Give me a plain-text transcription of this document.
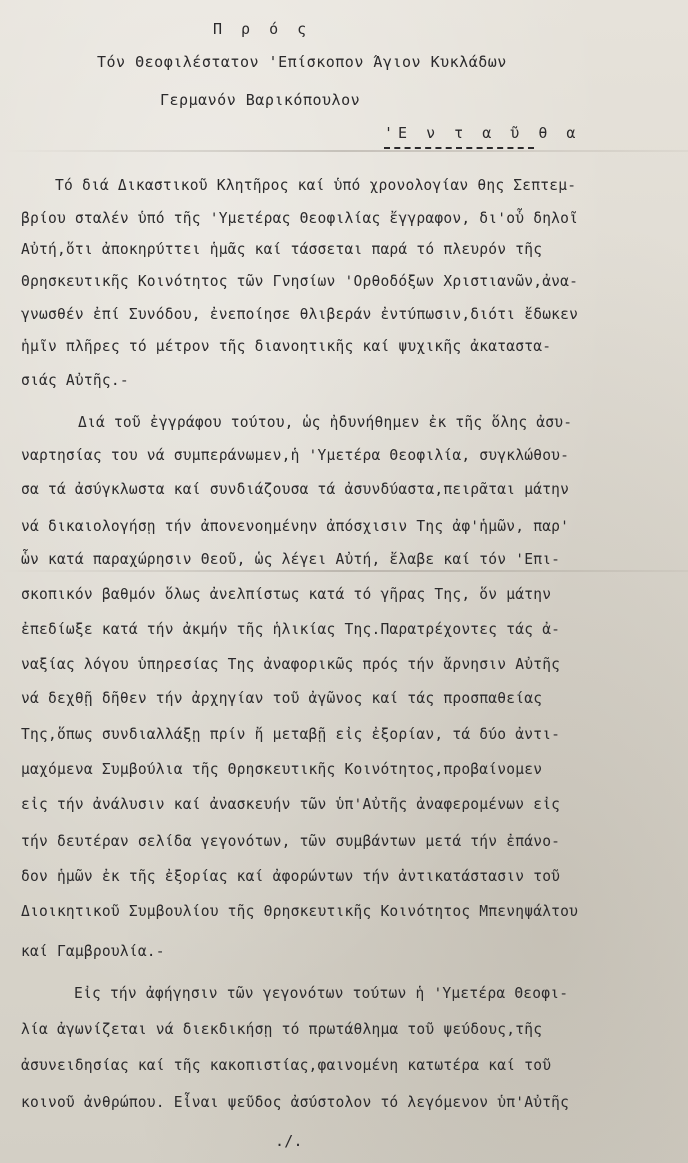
Π ρ ό ς
Τόν Θεοφιλέστατον 'Επίσκοπον Άγιον Κυκλάδων
Γερμανόν Βαρικόπουλον
'Ε ν τ α ῦ θ α
Τό διά Δικαστικοῦ Κλητῆρος καί ὑπό χρονολογίαν θης Σεπτεμ-
βρίου σταλέν ὑπό τῆς 'Υμετέρας Θεοφιλίας ἔγγραφον, δι'οὗ δηλοῖ
Αὐτή,ὅτι ἀποκηρύττει ἡμᾶς καί τάσσεται παρά τό πλευρόν τῆς
Θρησκευτικῆς Κοινότητος τῶν Γνησίων 'Ορθοδόξων Χριστιανῶν,ἀνα-
γνωσθέν ἐπί Συνόδου, ἐνεποίησε θλιβεράν ἐντύπωσιν,διότι ἔδωκεν
ἡμῖν πλῆρες τό μέτρον τῆς διανοητικῆς καί ψυχικῆς ἀκαταστα-
σιάς Αὐτῆς.-
Διά τοῦ ἐγγράφου τούτου, ὡς ἠδυνήθημεν ἐκ τῆς ὅλης ἀσυ-
ναρτησίας του νά συμπεράνωμεν,ἡ 'Υμετέρα Θεοφιλία, συγκλώθου-
σα τά ἀσύγκλωστα καί συνδιάζουσα τά ἀσυνδύαστα,πειρᾶται μάτην
νά δικαιολογήσῃ τήν ἀπονενοημένην ἀπόσχισιν Της ἀφ'ἡμῶν, παρ'
ὧν κατά παραχώρησιν Θεοῦ, ὡς λέγει Αὐτή, ἔλαβε καί τόν 'Επι-
σκοπικόν βαθμόν ὅλως ἀνελπίστως κατά τό γῆρας Της, ὅν μάτην
ἐπεδίωξε κατά τήν ἀκμήν τῆς ἡλικίας Της.Παρατρέχοντες τάς ἀ-
ναξίας λόγου ὑπηρεσίας Της ἀναφορικῶς πρός τήν ἄρνησιν Αὐτῆς
νά δεχθῇ δῆθεν τήν ἀρχηγίαν τοῦ ἀγῶνος καί τάς προσπαθείας
Της,ὅπως συνδιαλλάξῃ πρίν ἤ μεταβῇ εἰς ἐξορίαν, τά δύο ἀντι-
μαχόμενα Συμβούλια τῆς Θρησκευτικῆς Κοινότητος,προβαίνομεν
εἰς τήν ἀνάλυσιν καί ἀνασκευήν τῶν ὑπ'Αὐτῆς ἀναφερομένων εἰς
τήν δευτέραν σελίδα γεγονότων, τῶν συμβάντων μετά τήν ἐπάνο-
δον ἡμῶν ἐκ τῆς ἐξορίας καί ἀφορώντων τήν ἀντικατάστασιν τοῦ
Διοικητικοῦ Συμβουλίου τῆς Θρησκευτικῆς Κοινότητος Μπενηψάλτου
καί Γαμβρουλία.-
Εἰς τήν ἀφήγησιν τῶν γεγονότων τούτων ἡ 'Υμετέρα Θεοφι-
λία ἀγωνίζεται νά διεκδικήσῃ τό πρωτάθλημα τοῦ ψεύδους,τῆς
ἀσυνειδησίας καί τῆς κακοπιστίας,φαινομένη κατωτέρα καί τοῦ
κοινοῦ ἀνθρώπου. Εἶναι ψεῦδος ἀσύστολον τό λεγόμενον ὑπ'Αὐτῆς
./.
